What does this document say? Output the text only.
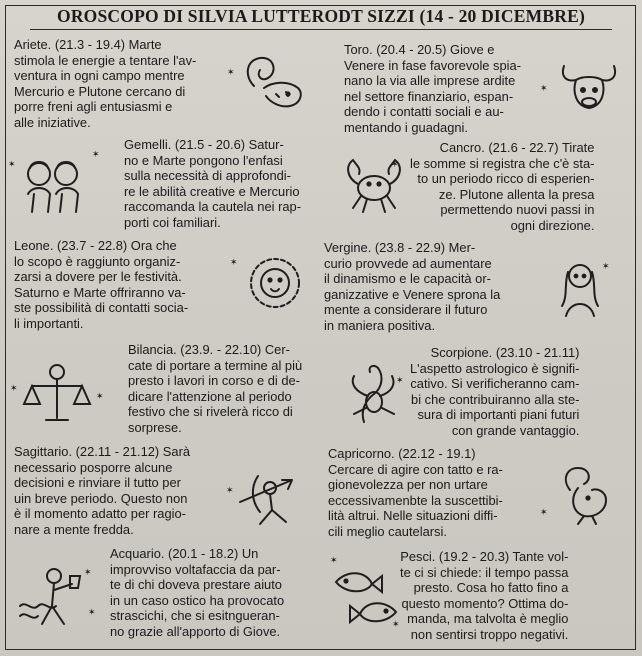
OROSCOPO DI SILVIA LUTTERODT SIZZI (14 - 20 DICEMBRE)
Ariete. (21.3 - 19.4) Marte
stimola le energie a tentare l'av-
ventura in ogni campo mentre
Mercurio e Plutone cercano di
porre freni agli entusiasmi e
alle iniziative.
✶
Toro. (20.4 - 20.5) Giove e
Venere in fase favorevole spia-
nano la via alle imprese ardite
nel settore finanziario, espan-
dendo i contatti sociali e au-
mentando i guadagni.
✶
Gemelli. (21.5 - 20.6) Satur-
no e Marte pongono l'enfasi
sulla necessità di approfondi-
re le abilità creative e Mercurio
raccomanda la cautela nei rap-
porti coi familiari.
✶
✶	Cancro. (21.6 - 22.7) Tirate
le somme si registra che c'è sta-
to un periodo ricco di esperien-
ze. Plutone allenta la presa
permettendo nuovi passi in
ogni direzione.
✶
Leone. (23.7 - 22.8) Ora che
lo scopo è raggiunto organiz-
zarsi a dovere per le festività.
Saturno e Marte offriranno va-
ste possibilità di contatti socia-
li importanti.
✶
Vergine. (23.8 - 22.9) Mer-
curio provvede ad aumentare
il dinamismo e le capacità or-
ganizzative e Venere sprona la
mente a considerare il futuro
in maniera positiva.
✶
Bilancia. (23.9. - 22.10) Cer-
cate di portare a termine al più
presto i lavori in corso e di de-
dicare l'attenzione al periodo
festivo che si rivelerà ricco di
sorprese.
✶
✶
Scorpione. (23.10 - 21.11)
L'aspetto astrologico è signifi-
cativo. Si verificheranno cam-
bi che contribuiranno alla ste-
sura di importanti piani futuri
con grande vantaggio.
✶
Sagittario. (22.11 - 21.12) Sarà
necessario posporre alcune
decisioni e rinviare il tutto per
uin breve periodo. Questo non
è il momento adatto per ragio-
nare a mente fredda.
✶
Capricorno. (22.12 - 19.1)
Cercare di agire con tatto e ra-
gionevolezza per non urtare
eccessivamenbte la suscettibi-
lità altrui. Nelle situazioni diffi-
cili meglio cautelarsi.
✶
Acquario. (20.1 - 18.2) Un
improvviso voltafaccia da par-
te di chi doveva prestare aiuto
in un caso ostico ha provocato
strascichi, che si esitngueran-
no grazie all'apporto di Giove.
✶
✶
Pesci. (19.2 - 20.3) Tante vol-
te ci si chiede: il tempo passa
presto. Cosa ho fatto fino a
questo momento? Ottima do-
manda, ma talvolta è meglio
non sentirsi troppo negativi.
✶
✶
